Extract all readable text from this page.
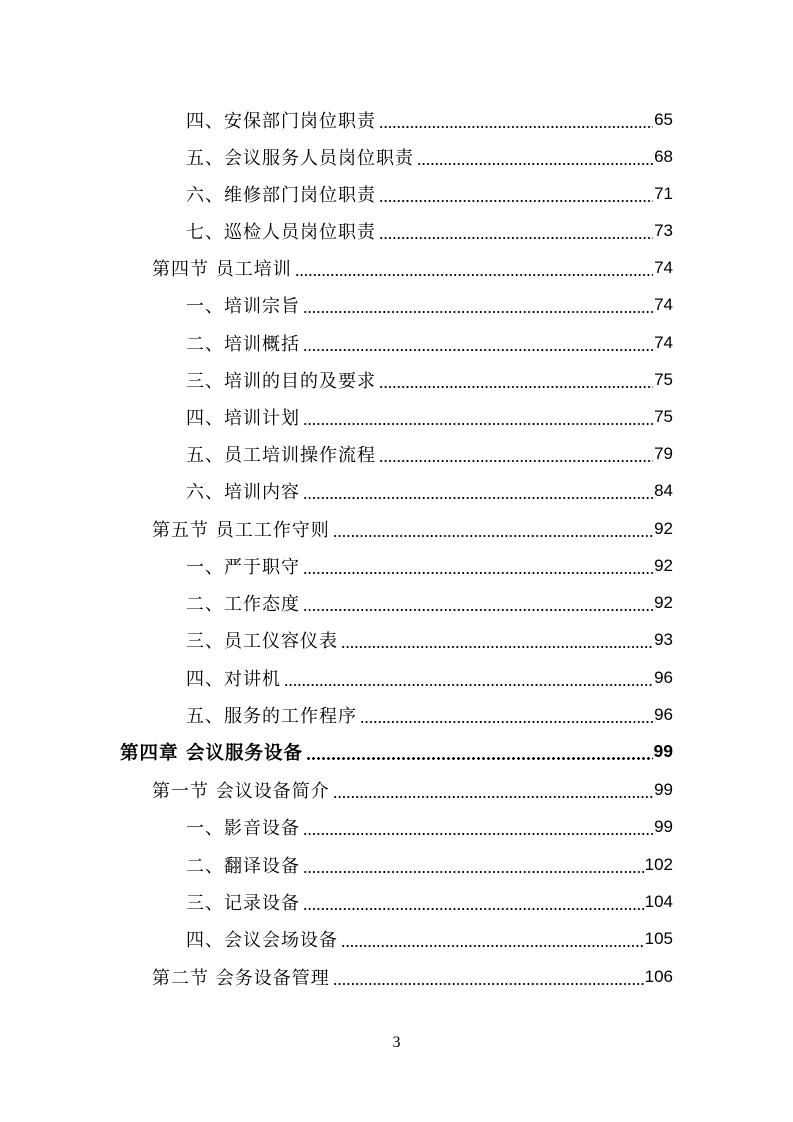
四、安保部门岗位职责	65
五、会议服务人员岗位职责	68
六、维修部门岗位职责	71
七、巡检人员岗位职责	73
第四节 员工培训	74
一、培训宗旨	74
二、培训概括	74
三、培训的目的及要求	75
四、培训计划	75
五、员工培训操作流程	79
六、培训内容	84
第五节 员工工作守则	92
一、严于职守	92
二、工作态度	92
三、员工仪容仪表	93
四、对讲机	96
五、服务的工作程序	96
第四章 会议服务设备	99
第一节 会议设备简介	99
一、影音设备	99
二、翻译设备	102
三、记录设备	104
四、会议会场设备	105
第二节 会务设备管理	106
3
